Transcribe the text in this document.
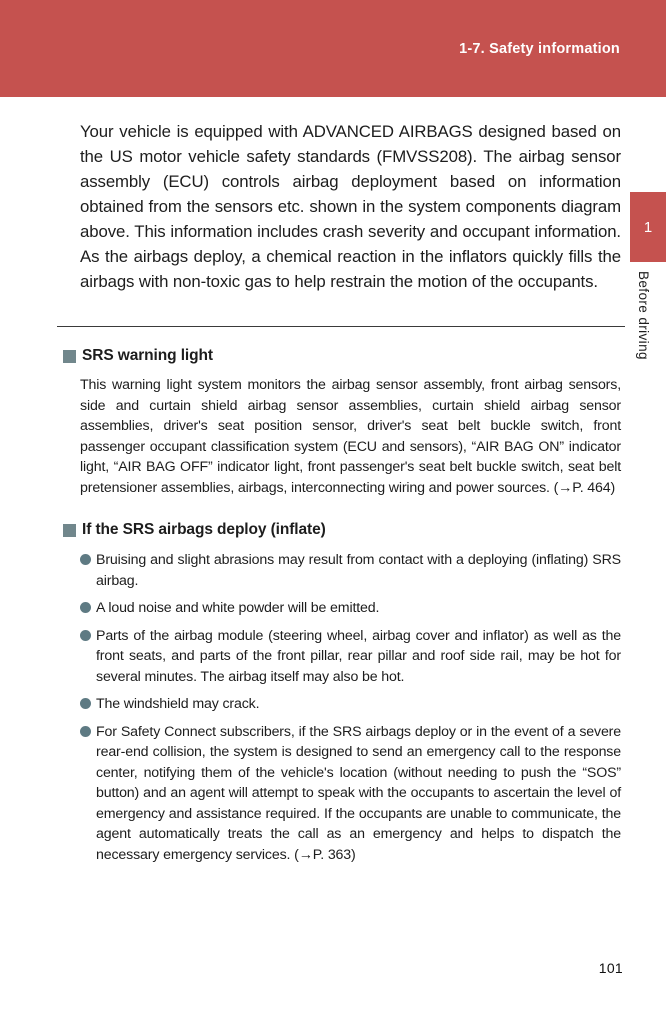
1-7. Safety information
1
Before driving

Your vehicle is equipped with ADVANCED AIRBAGS designed based on the US motor vehicle safety standards (FMVSS208). The airbag sensor assembly (ECU) controls airbag deployment based on information obtained from the sensors etc. shown in the system components diagram above. This information includes crash severity and occupant information. As the airbags deploy, a chemical reaction in the inflators quickly fills the airbags with non-toxic gas to help restrain the motion of the occupants.

SRS warning light

This warning light system monitors the airbag sensor assembly, front airbag sensors, side and curtain shield airbag sensor assemblies, curtain shield airbag sensor assemblies, driver's seat position sensor, driver's seat belt buckle switch, front passenger occupant classification system (ECU and sensors), “AIR BAG ON” indicator light, “AIR BAG OFF” indicator light, front passenger's seat belt buckle switch, seat belt pretensioner assemblies, airbags, interconnecting wiring and power sources. (→P. 464)

If the SRS airbags deploy (inflate)
Bruising and slight abrasions may result from contact with a deploying (inflating) SRS airbag.
A loud noise and white powder will be emitted.
Parts of the airbag module (steering wheel, airbag cover and inflator) as well as the front seats, and parts of the front pillar, rear pillar and roof side rail, may be hot for several minutes. The airbag itself may also be hot.
The windshield may crack.
For Safety Connect subscribers, if the SRS airbags deploy or in the event of a severe rear-end collision, the system is designed to send an emergency call to the response center, notifying them of the vehicle's location (without needing to push the “SOS” button) and an agent will attempt to speak with the occupants to ascertain the level of emergency and assistance required. If the occupants are unable to communicate, the agent automatically treats the call as an emergency and helps to dispatch the necessary emergency services. (→P. 363)
101
